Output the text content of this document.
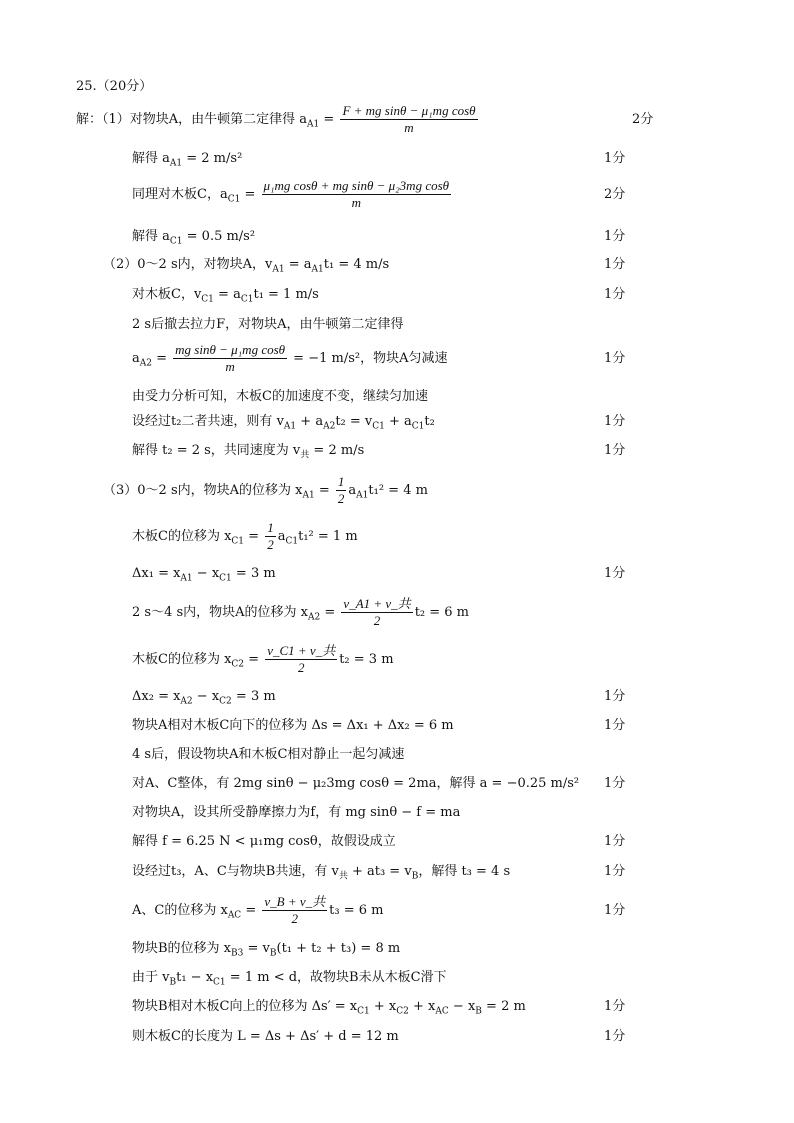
25.（20分）
解：（1）对物块A，由牛顿第二定律得 $a_{A1} = \frac{\text{F + mg sinθ − μ₁mg cosθ}}{m}$	2分
解得 $a_{A1} = 2$ m/s²	1分
同理对木板C，$a_{C1} = \frac{\text{μ₁mg cosθ + mg sinθ − μ₂3mg cosθ}}{m}$	2分
解得 $a_{C1} = 0.5$ m/s²	1分
（2）0～2 s内，对物块A，$v_{A1} = a_{A1}t_1 = 4$ m/s	1分
对木板C，$v_{C1} = a_{C1}t_1 = 1$ m/s	1分
2 s后撤去拉力F，对物块A，由牛顿第二定律得
$a_{A2} = \frac{\text{mg sinθ − μ₁mg cosθ}}{m} = -1$ m/s²，物块A匀减速	1分
由受力分析可知，木板C的加速度不变，继续匀加速
设经过t₂二者共速，则有 $v_{A1} + a_{A2}t_2 = v_{C1} + a_{C1}t_2$	1分
解得 t₂ = 2 s，共同速度为 $v_共 = 2$ m/s	1分
（3）0～2 s内，物块A的位移为 $x_{A1} = \frac{1}{2} a_{A1}t_1^2 = 4$ m
木板C的位移为 $x_{C1} = \frac{1}{2} a_{C1}t_1^2 = 1$ m
$\Delta x_1 = x_{A1} - x_{C1} = 3$ m	1分
2 s～4 s内，物块A的位移为 $x_{A2} = \frac{\text{v\_A1 + v\_共}}{2} t_2 = 6$ m
木板C的位移为 $x_{C2} = \frac{\text{v\_C1 + v\_共}}{2} t_2 = 3$ m
$\Delta x_2 = x_{A2} - x_{C2} = 3$ m	1分
物块A相对木板C向下的位移为 Δs = Δx₁ + Δx₂ = 6 m	1分
4 s后，假设物块A和木板C相对静止一起匀减速
对A、C整体，有 2mg sinθ − μ₂3mg cosθ = 2ma，解得 a = −0.25 m/s² 1分
对物块A，设其所受静摩擦力为f，有 mg sinθ − f = ma
解得 f = 6.25 N < μ₁mg cosθ，故假设成立	1分
设经过t₃，A、C与物块B共速，有 $v_共 + at_3 = v_B$，解得 t₃ = 4 s	1分
A、C的位移为 $x_{AC} = \frac{\text{v\_B + v\_共}}{2} t_3 = 6$ m	1分
物块B的位移为 $x_{B3} = v_B(t_1 + t_2 + t_3) = 8$ m
由于 $v_Bt_1 - x_{C1} = 1$ m < d，故物块B未从木板C滑下
物块B相对木板C向上的位移为 $\Delta s' = x_{C1} + x_{C2} + x_{AC} - x_B = 2$ m	1分
则木板C的长度为 L = Δs + Δs′ + d = 12 m	1分
